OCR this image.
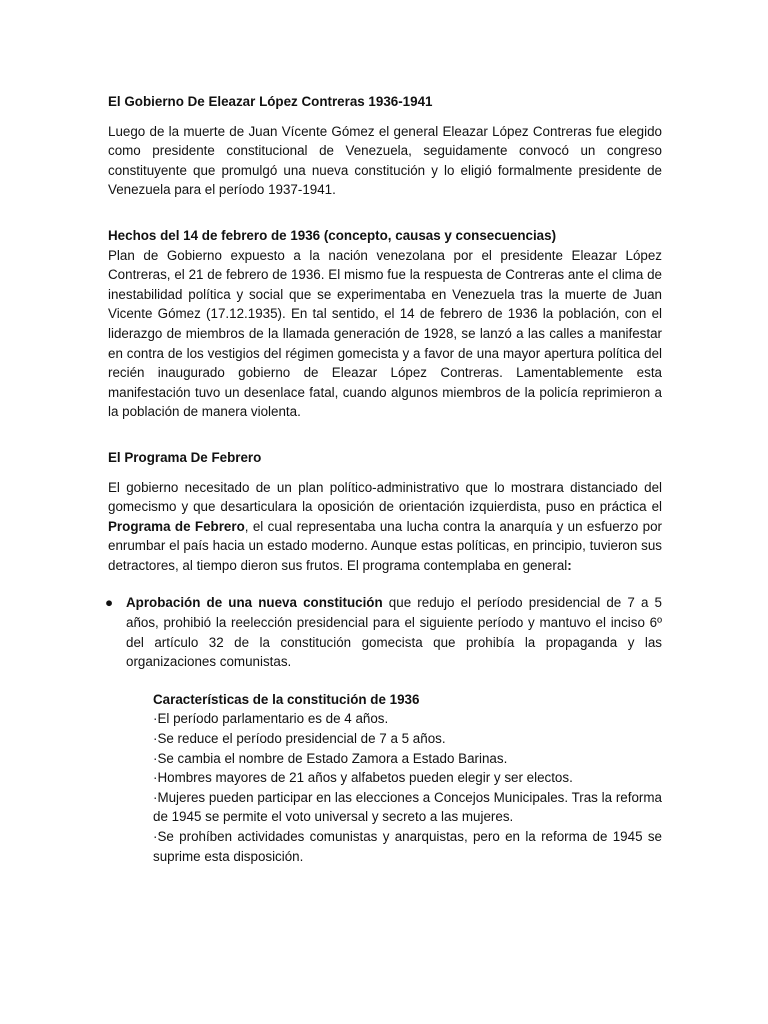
El Gobierno De Eleazar López Contreras 1936-1941

Luego de la muerte de Juan Vícente Gómez el general Eleazar López Contreras fue elegido como presidente constitucional de Venezuela, seguidamente convocó un congreso constituyente que promulgó una nueva constitución y lo eligió formalmente presidente de Venezuela para el período 1937-1941.

Hechos del 14 de febrero de 1936 (concepto, causas y consecuencias)

Plan de Gobierno expuesto a la nación venezolana por el presidente Eleazar López Contreras, el 21 de febrero de 1936. El mismo fue la respuesta de Contreras ante el clima de inestabilidad política y social que se experimentaba en Venezuela tras la muerte de Juan Vicente Gómez (17.12.1935). En tal sentido, el 14 de febrero de 1936 la población, con el liderazgo de miembros de la llamada generación de 1928, se lanzó a las calles a manifestar en contra de los vestigios del régimen gomecista y a favor de una mayor apertura política del recién inaugurado gobierno de Eleazar López Contreras. Lamentablemente esta manifestación tuvo un desenlace fatal, cuando algunos miembros de la policía reprimieron a la población de manera violenta.

El Programa De Febrero

El gobierno necesitado de un plan político-administrativo que lo mostrara distanciado del gomecismo y que desarticulara la oposición de orientación izquierdista, puso en práctica el Programa de Febrero, el cual representaba una lucha contra la anarquía y un esfuerzo por enrumbar el país hacia un estado moderno. Aunque estas políticas, en principio, tuvieron sus detractores, al tiempo dieron sus frutos. El programa contemplaba en general:

● Aprobación de una nueva constitución que redujo el período presidencial de 7 a 5 años, prohibió la reelección presidencial para el siguiente período y mantuvo el inciso 6º del artículo 32 de la constitución gomecista que prohibía la propaganda y las organizaciones comunistas.

Características de la constitución de 1936

·El período parlamentario es de 4 años.

·Se reduce el período presidencial de 7 a 5 años.

·Se cambia el nombre de Estado Zamora a Estado Barinas.

·Hombres mayores de 21 años y alfabetos pueden elegir y ser electos.

·Mujeres pueden participar en las elecciones a Concejos Municipales. Tras la reforma de 1945 se permite el voto universal y secreto a las mujeres.

·Se prohíben actividades comunistas y anarquistas, pero en la reforma de 1945 se suprime esta disposición.
